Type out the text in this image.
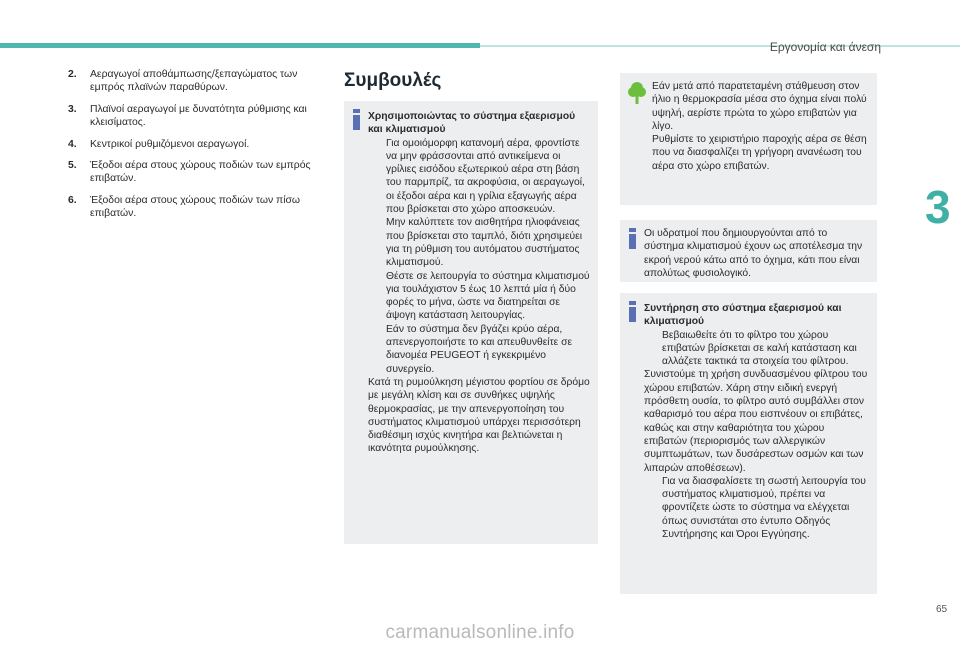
Εργονομία και άνεση
3
65
2.	Αεραγωγοί αποθάμπωσης/ξεπαγώματος των εμπρός πλαϊνών παραθύρων.
3.	Πλαϊνοί αεραγωγοί με δυνατότητα ρύθμισης και κλεισίματος.
4.	Κεντρικοί ρυθμιζόμενοι αεραγωγοί.
5.	Έξοδοι αέρα στους χώρους ποδιών των εμπρός επιβατών.
6.	Έξοδοι αέρα στους χώρους ποδιών των πίσω επιβατών.
Συμβουλές
Χρησιμοποιώντας το σύστημα εξαερισμού και κλιματισμού
Για ομοιόμορφη κατανομή αέρα, φροντίστε να μην φράσσονται από αντικείμενα οι γρίλιες εισόδου εξωτερικού αέρα στη βάση του παρμπρίζ, τα ακροφύσια, οι αεραγωγοί, οι έξοδοι αέρα και η γρίλια εξαγωγής αέρα που βρίσκεται στο χώρο αποσκευών.
Μην καλύπτετε τον αισθητήρα ηλιοφάνειας που βρίσκεται στο ταμπλό, διότι χρησιμεύει για τη ρύθμιση του αυτόματου συστήματος κλιματισμού.
Θέστε σε λειτουργία το σύστημα κλιματισμού για τουλάχιστον 5 έως 10 λεπτά μία ή δύο φορές το μήνα, ώστε να διατηρείται σε άψογη κατάσταση λειτουργίας.
Εάν το σύστημα δεν βγάζει κρύο αέρα, απενεργοποιήστε το και απευθυνθείτε σε διανομέα PEUGEOT ή εγκεκριμένο συνεργείο.
Κατά τη ρυμούλκηση μέγιστου φορτίου σε δρόμο με μεγάλη κλίση και σε συνθήκες υψηλής θερμοκρασίας, με την απενεργοποίηση του συστήματος κλιματισμού υπάρχει περισσότερη διαθέσιμη ισχύς κινητήρα και βελτιώνεται η ικανότητα ρυμούλκησης.
Εάν μετά από παρατεταμένη στάθμευση στον ήλιο η θερμοκρασία μέσα στο όχημα είναι πολύ υψηλή, αερίστε πρώτα το χώρο επιβατών για λίγο.
Ρυθμίστε το χειριστήριο παροχής αέρα σε θέση που να διασφαλίζει τη γρήγορη ανανέωση του αέρα στο χώρο επιβατών.
Οι υδρατμοί που δημιουργούνται από το σύστημα κλιματισμού έχουν ως αποτέλεσμα την εκροή νερού κάτω από το όχημα, κάτι που είναι απολύτως φυσιολογικό.
Συντήρηση στο σύστημα εξαερισμού και κλιματισμού
Βεβαιωθείτε ότι το φίλτρο του χώρου επιβατών βρίσκεται σε καλή κατάσταση και αλλάζετε τακτικά τα στοιχεία του φίλτρου.
Συνιστούμε τη χρήση συνδυασμένου φίλτρου του χώρου επιβατών. Χάρη στην ειδική ενεργή πρόσθετη ουσία, το φίλτρο αυτό συμβάλλει στον καθαρισμό του αέρα που εισπνέουν οι επιβάτες, καθώς και στην καθαριότητα του χώρου επιβατών (περιορισμός των αλλεργικών συμπτωμάτων, των δυσάρεστων οσμών και των λιπαρών αποθέσεων).
Για να διασφαλίσετε τη σωστή λειτουργία του συστήματος κλιματισμού, πρέπει να φροντίζετε ώστε το σύστημα να ελέγχεται όπως συνιστάται στο έντυπο Οδηγός Συντήρησης και Όροι Εγγύησης.
carmanualsonline.info
